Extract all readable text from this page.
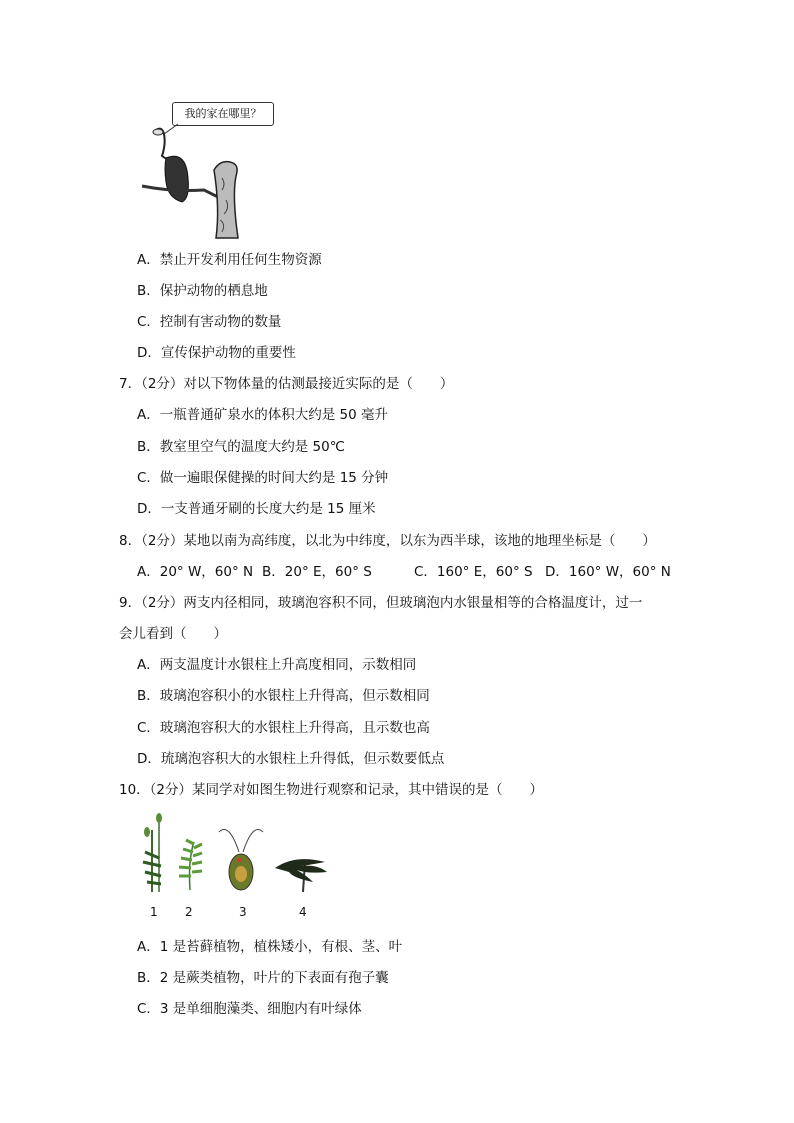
我的家在哪里？
A．禁止开发利用任何生物资源
B．保护动物的栖息地
C．控制有害动物的数量
D．宣传保护动物的重要性
7．（2分）对以下物体量的估测最接近实际的是（　　）
A．一瓶普通矿泉水的体积大约是 50 毫升
B．教室里空气的温度大约是 50℃
C．做一遍眼保健操的时间大约是 15 分钟
D．一支普通牙刷的长度大约是 15 厘米
8．（2分）某地以南为高纬度，以北为中纬度，以东为西半球，该地的地理坐标是（　　）
A．20° W，60° N B．20° E，60° S	C．160° E，60° S D．160° W，60° N
9．（2分）两支内径相同，玻璃泡容积不同，但玻璃泡内水银量相等的合格温度计，过一
会儿看到（　　）
A．两支温度计水银柱上升高度相同，示数相同
B．玻璃泡容积小的水银柱上升得高，但示数相同
C．玻璃泡容积大的水银柱上升得高，且示数也高
D．琉璃泡容积大的水银柱上升得低，但示数要低点
10．（2分）某同学对如图生物进行观察和记录，其中错误的是（　　）
1 2	3	4
A．1 是苔藓植物，植株矮小，有根、茎、叶
B．2 是蕨类植物，叶片的下表面有孢子囊
C．3 是单细胞藻类、细胞内有叶绿体
